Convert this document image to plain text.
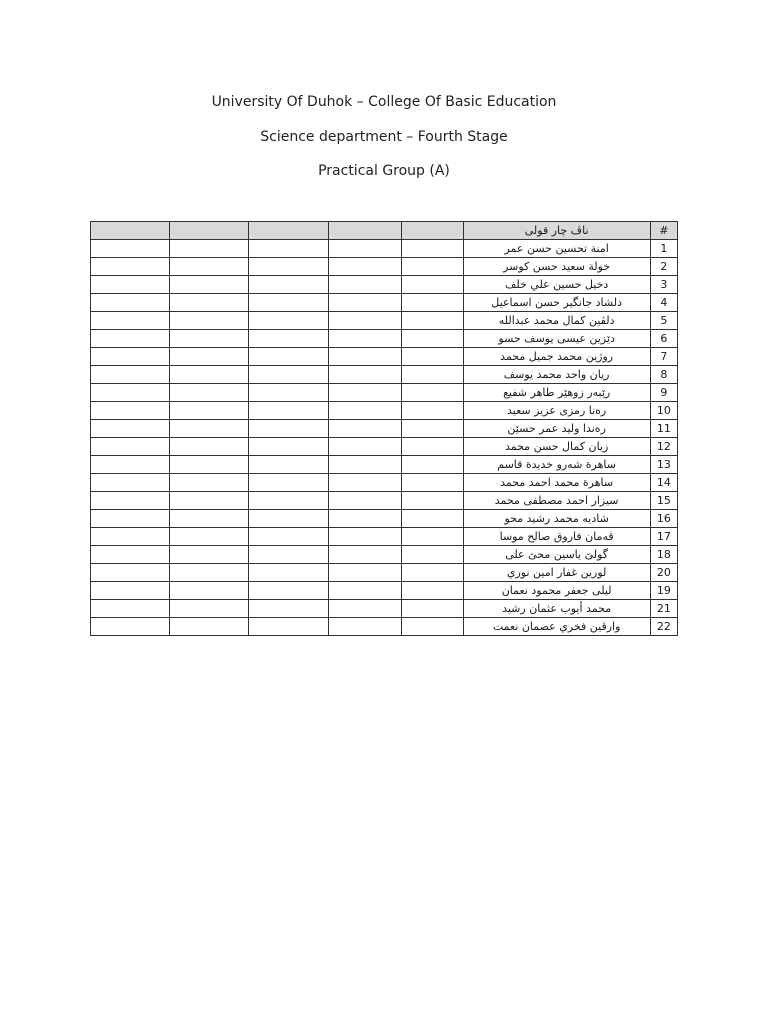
University Of Duhok – College Of Basic Education
Science department – Fourth Stage
Practical Group (A)
					ناڤ چار قولی	#
					امنة تحسين حسن عمر	1
					خولة سعيد حسن كوسر	2
					دخيل حسين علي خلف	3
					دلشاد جانگير حسن اسماعيل	4
					دلڤين كمال محمد عبدالله	5
					دێزين عيسى يوسف حسو	6
					روژين محمد جميل محمد	7
					ريان واحد محمد يوسف	8
					رێبەر زوهێر طاهر شفيع	9
					رەنا رمزى عزيز سعيد	10
					رەندا وليد عمر حسێن	11
					زيان كمال حسن محمد	12
					ساهرة شەرو خديدة قاسم	13
					ساهرة محمد احمد محمد	14
					سيزار احمد مصطفى محمد	15
					شاديه محمد رشيد محو	16
					ڤەمان فاروق صالح موسا	17
					گولێ ياسين محێ على	18
					لورين غفار امين نوري	20
					ليلى جعفر محمود نعمان	19
					محمد أيوب عثمان رشيد	21
					وارڤين فخري عصمان نعمت	22
